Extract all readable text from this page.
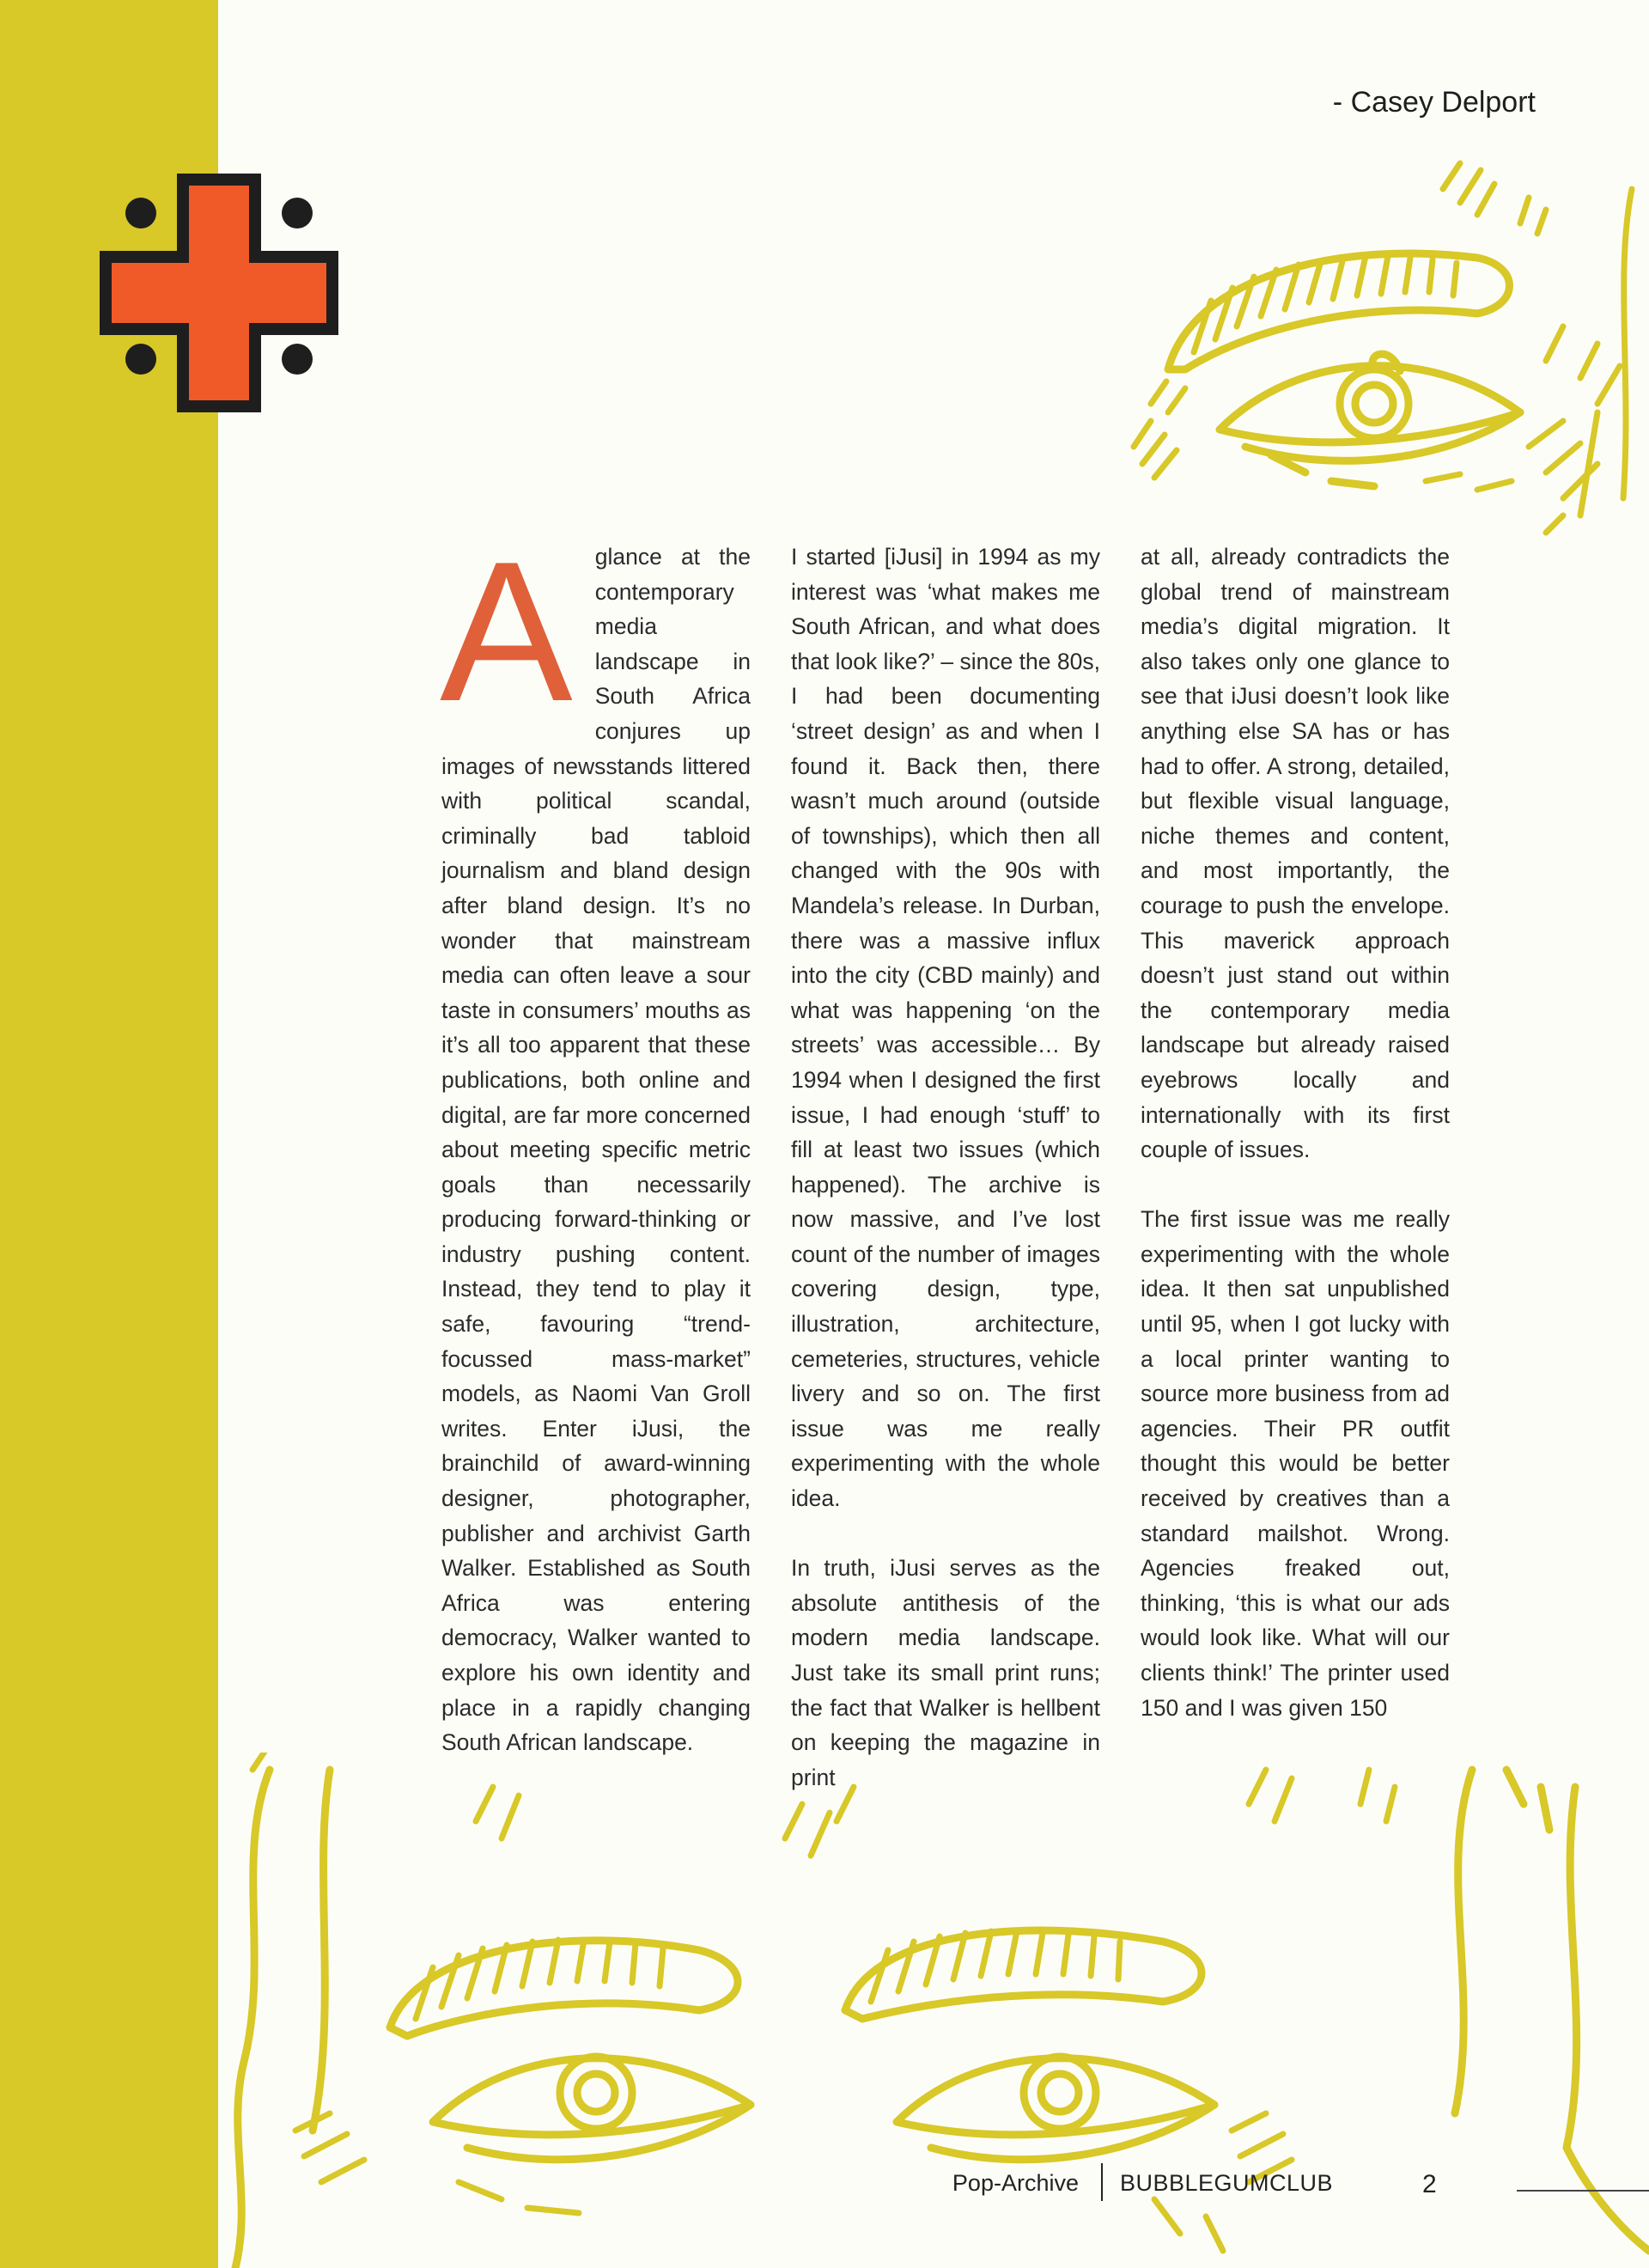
- Casey Delport

Aglance at the contemporary media landscape in South Africa conjures up images of newsstands littered with political scandal, criminally bad tabloid journalism and bland design after bland design. It’s no wonder that mainstream media can often leave a sour taste in consumers’ mouths as it’s all too apparent that these publications, both online and digital, are far more concerned about meeting specific metric goals than necessarily producing forward-thinking or industry pushing content. Instead, they tend to play it safe, favouring “trend-focussed mass-market” models, as Naomi Van Groll writes. Enter iJusi, the brainchild of award-winning designer, photographer, publisher and archivist Garth Walker. Established as South Africa was entering democracy, Walker wanted to explore his own identity and place in a rapidly changing South African landscape.

I started [iJusi] in 1994 as my interest was ‘what makes me South African, and what does that look like?’ – since the 80s, I had been documenting ‘street design’ as and when I found it. Back then, there wasn’t much around (outside of townships), which then all changed with the 90s with Mandela’s release. In Durban, there was a massive influx into the city (CBD mainly) and what was happening ‘on the streets’ was accessible… By 1994 when I designed the first issue, I had enough ‘stuff’ to fill at least two issues (which happened). The archive is now massive, and I’ve lost count of the number of images covering design, type, illustration, architecture, cemeteries, structures, vehicle livery and so on. The first issue was me really experimenting with the whole idea.

In truth, iJusi serves as the absolute antithesis of the modern media landscape. Just take its small print runs; the fact that Walker is hellbent on keeping the magazine in print

at all, already contradicts the global trend of mainstream media’s digital migration. It also takes only one glance to see that iJusi doesn’t look like anything else SA has or has had to offer. A strong, detailed, but flexible visual language, niche themes and content, and most importantly, the courage to push the envelope. This maverick approach doesn’t just stand out within the contemporary media landscape but already raised eyebrows locally and internationally with its first couple of issues.

The first issue was me really experimenting with the whole idea. It then sat unpublished until 95, when I got lucky with a local printer wanting to source more business from ad agencies. Their PR outfit thought this would be better received by creatives than a standard mailshot. Wrong. Agencies freaked out, thinking, ‘this is what our ads would look like. What will our clients think!’ The printer used 150 and I was given 150

Pop-Archive BUBBLEGUMCLUB	2
